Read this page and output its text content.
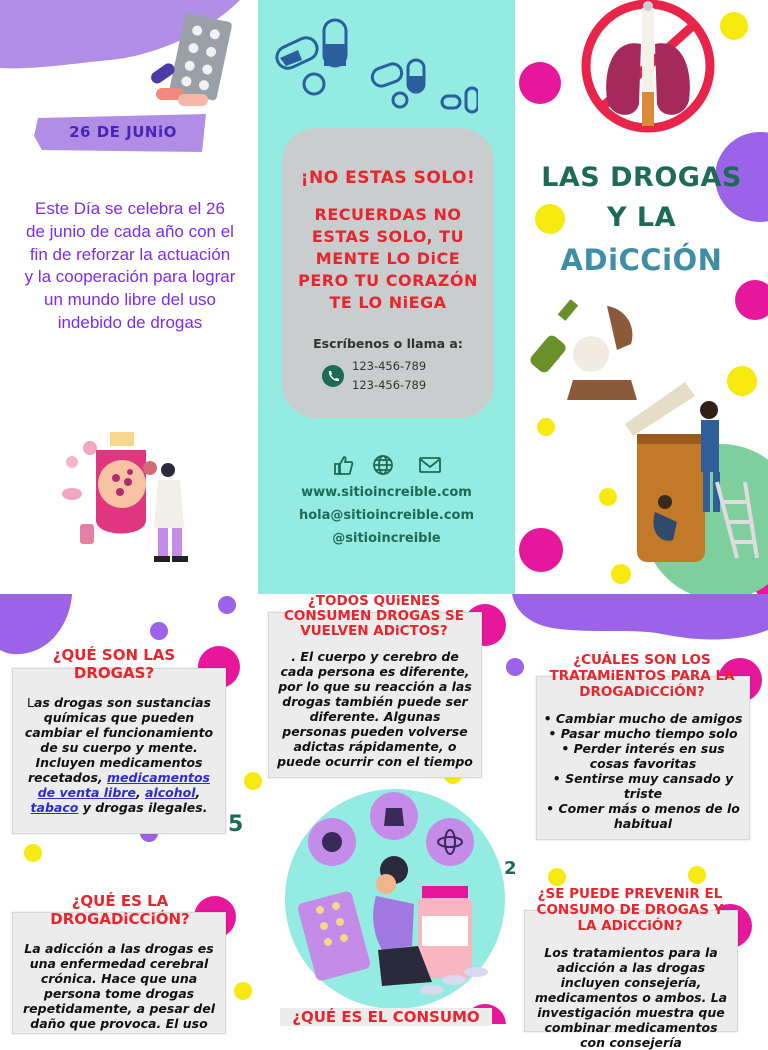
26 DE JUNiO
Este Día se celebra el 26 de junio de cada año con el fin de reforzar la actuación y la cooperación para lograr un mundo libre del uso indebido de drogas
¡NO ESTAS SOLO!
RECUERDAS NO ESTAS SOLO, TU MENTE LO DiCE PERO TU CORAZÓN TE LO NiEGA
Escríbenos o llama a:
123-456-789
123-456-789
www.sitioincreible.com
hola@sitioincreible.com
@sitioincreible
LAS DROGAS
Y LA
ADiCCiÓN
¿QUÉ SON LAS DROGAS?
Las drogas son sustancias químicas que pueden cambiar el funcionamiento de su cuerpo y mente. Incluyen medicamentos recetados, medicamentos de venta libre, alcohol, tabaco y drogas ilegales.
5
¿QUÉ ES LA DROGADiCCiÓN?
La adicción a las drogas es una enfermedad cerebral crónica. Hace que una persona tome drogas repetidamente, a pesar del daño que provoca. El uso
. El cuerpo y cerebro de cada persona es diferente, por lo que su reacción a las drogas también puede ser diferente. Algunas personas pueden volverse adictas rápidamente, o puede ocurrir con el tiempo
¿TODOS QUiENES CONSUMEN DROGAS SE VUELVEN ADiCTOS?
2
¿QUÉ ES EL CONSUMO
• Cambiar mucho de amigos
• Pasar mucho tiempo solo
• Perder interés en sus cosas favoritas
• Sentirse muy cansado y triste
• Comer más o menos de lo habitual
¿CUÁLES SON LOS TRATAMiENTOS PARA LA DROGADiCCiÓN?
Los tratamientos para la adicción a las drogas incluyen consejería, medicamentos o ambos. La investigación muestra que combinar medicamentos con consejería
¿SE PUEDE PREVENiR EL CONSUMO DE DROGAS Y LA ADiCCiÓN?
